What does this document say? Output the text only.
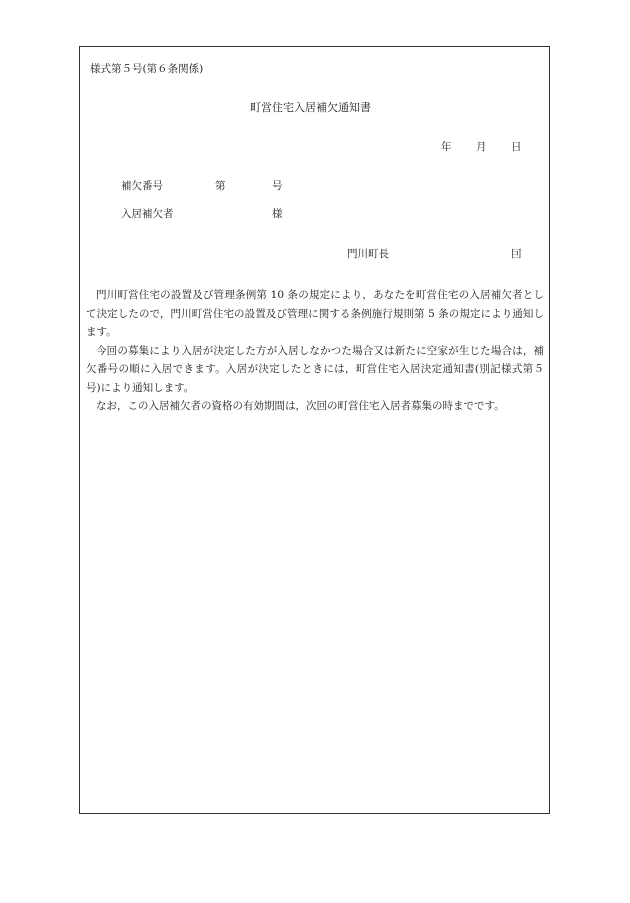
様式第５号(第６条関係)
町営住宅入居補欠通知書
年 月 日
補欠番号	第	号
入居補欠者	様
門川町長	囙

門川町営住宅の設置及び管理条例第 10 条の規定により，あなたを町営住宅の入居補欠者として決定したので，門川町営住宅の設置及び管理に関する条例施行規則第 5 条の規定により通知します。

今回の募集により入居が決定した方が入居しなかつた場合又は新たに空家が生じた場合は，補欠番号の順に入居できます。入居が決定したときには，町営住宅入居決定通知書(別記様式第５号)により通知します。

なお，この入居補欠者の資格の有効期間は，次回の町営住宅入居者募集の時までです。
